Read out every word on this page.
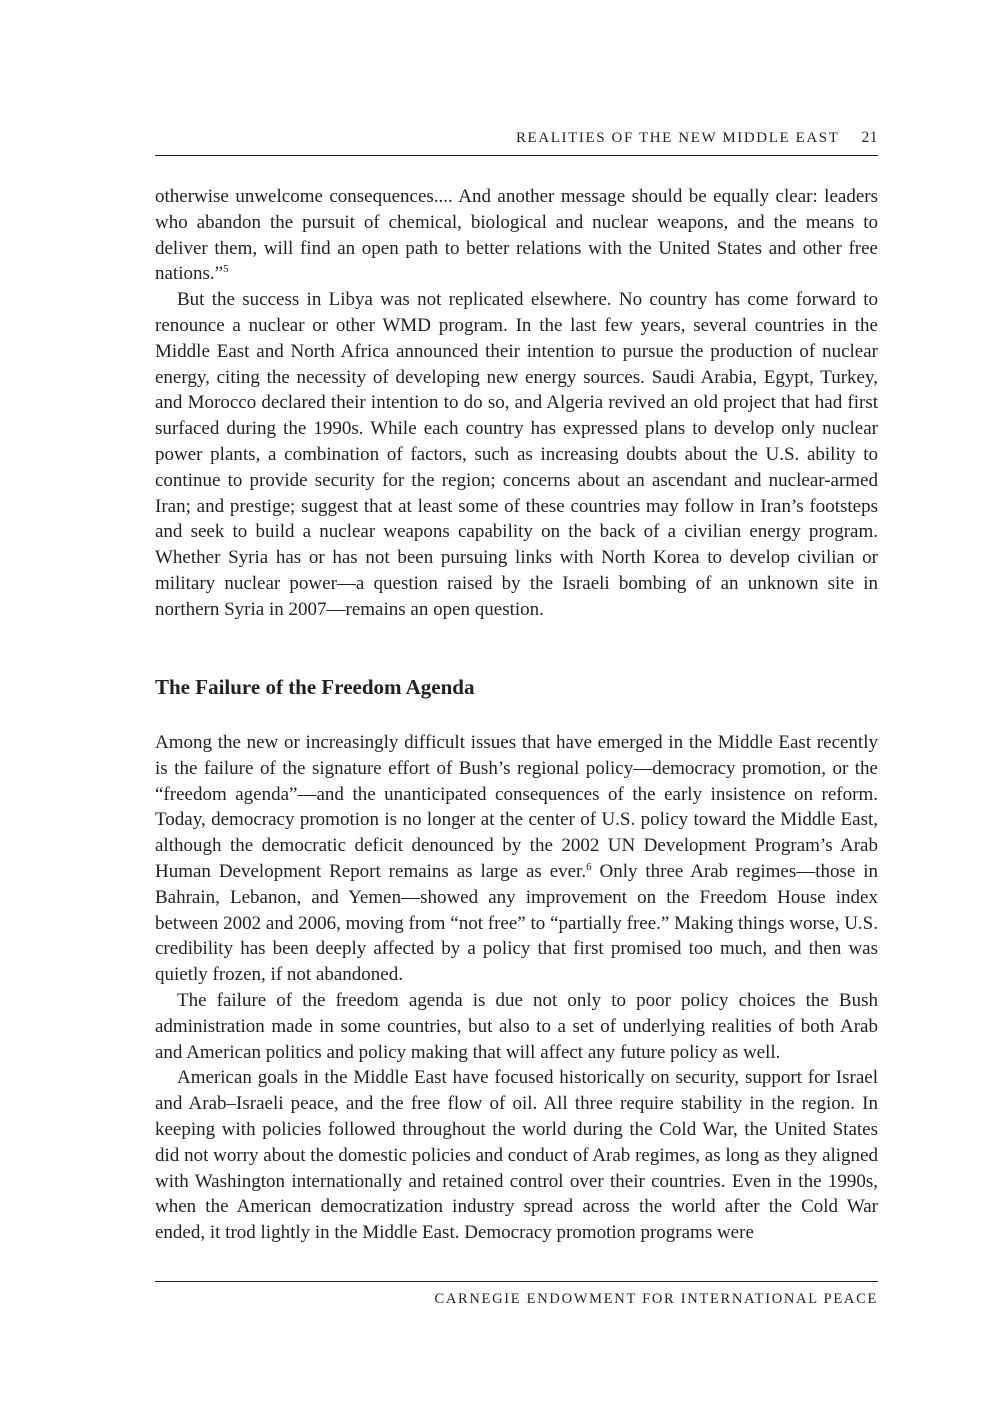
REALITIES OF THE NEW MIDDLE EAST 21

otherwise unwelcome consequences.... And another message should be equally clear: leaders who abandon the pursuit of chemical, biological and nuclear weapons, and the means to deliver them, will find an open path to better relations with the United States and other free nations.”$^5$

But the success in Libya was not replicated elsewhere. No country has come forward to renounce a nuclear or other WMD program. In the last few years, several countries in the Middle East and North Africa announced their intention to pursue the production of nuclear energy, citing the necessity of developing new energy sources. Saudi Arabia, Egypt, Turkey, and Morocco declared their intention to do so, and Algeria revived an old project that had first surfaced during the 1990s. While each country has expressed plans to develop only nuclear power plants, a combination of factors, such as increasing doubts about the U.S. ability to continue to provide security for the region; concerns about an ascendant and nuclear-armed Iran; and prestige; suggest that at least some of these countries may follow in Iran’s footsteps and seek to build a nuclear weapons capability on the back of a civilian energy program. Whether Syria has or has not been pursuing links with North Korea to develop civilian or military nuclear power—a question raised by the Israeli bombing of an unknown site in northern Syria in 2007—remains an open question.

The Failure of the Freedom Agenda

Among the new or increasingly difficult issues that have emerged in the Middle East recently is the failure of the signature effort of Bush’s regional policy—democracy promotion, or the “freedom agenda”—and the unanticipated consequences of the early insistence on reform. Today, democracy promotion is no longer at the center of U.S. policy toward the Middle East, although the democratic deficit denounced by the 2002 UN Development Program’s Arab Human Development Report remains as large as ever.$^6$ Only three Arab regimes—those in Bahrain, Lebanon, and Yemen—showed any improvement on the Freedom House index between 2002 and 2006, moving from “not free” to “partially free.” Making things worse, U.S. credibility has been deeply affected by a policy that first promised too much, and then was quietly frozen, if not abandoned.

The failure of the freedom agenda is due not only to poor policy choices the Bush administration made in some countries, but also to a set of underlying realities of both Arab and American politics and policy making that will affect any future policy as well.

American goals in the Middle East have focused historically on security, support for Israel and Arab–Israeli peace, and the free flow of oil. All three require stability in the region. In keeping with policies followed throughout the world during the Cold War, the United States did not worry about the domestic policies and conduct of Arab regimes, as long as they aligned with Washington internationally and retained control over their countries. Even in the 1990s, when the American democratization industry spread across the world after the Cold War ended, it trod lightly in the Middle East. Democracy promotion programs were

CARNEGIE ENDOWMENT FOR INTERNATIONAL PEACE
